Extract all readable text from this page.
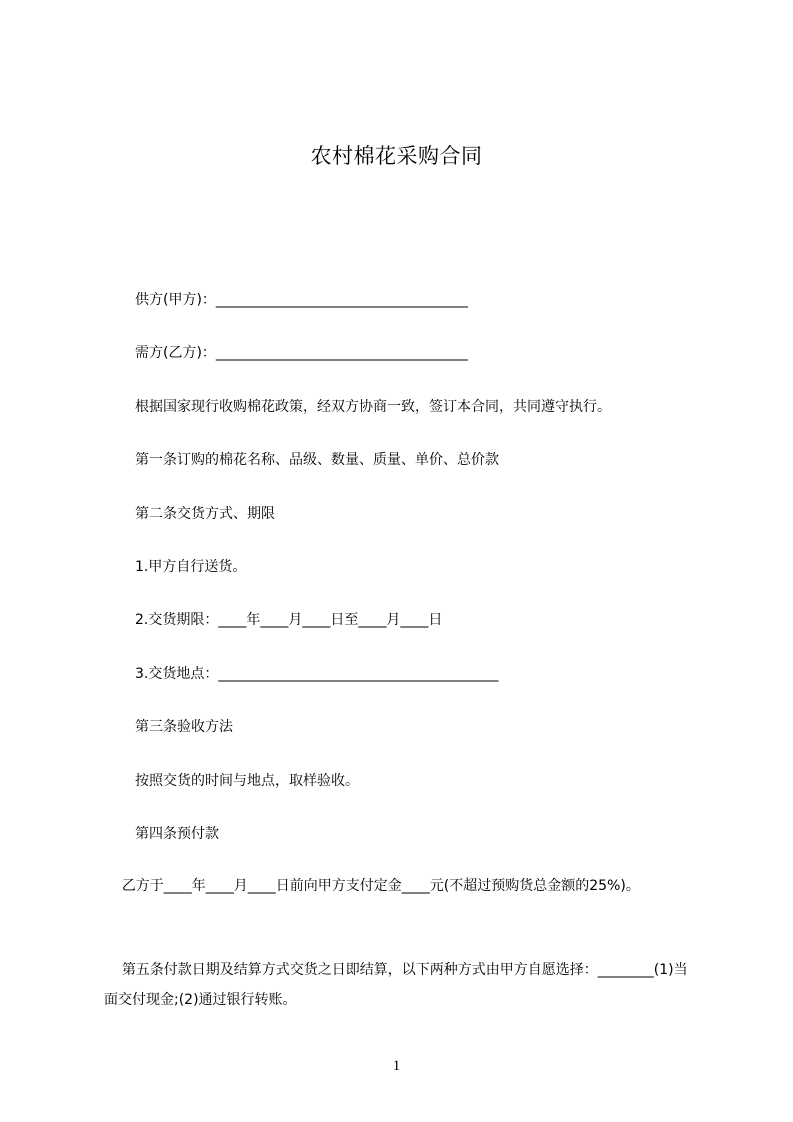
农村棉花采购合同
供方(甲方)：____________________________________
需方(乙方)：____________________________________
根据国家现行收购棉花政策，经双方协商一致，签订本合同，共同遵守执行。
第一条订购的棉花名称、品级、数量、质量、单价、总价款
第二条交货方式、期限
1.甲方自行送货。
2.交货期限：____年____月____日至____月____日
3.交货地点：________________________________________
第三条验收方法
按照交货的时间与地点，取样验收。
第四条预付款
乙方于____年____月____日前向甲方支付定金____元(不超过预购货总金额的25%)。
第五条付款日期及结算方式交货之日即结算，以下两种方式由甲方自愿选择：________(1)当面交付现金;(2)通过银行转账。
1
